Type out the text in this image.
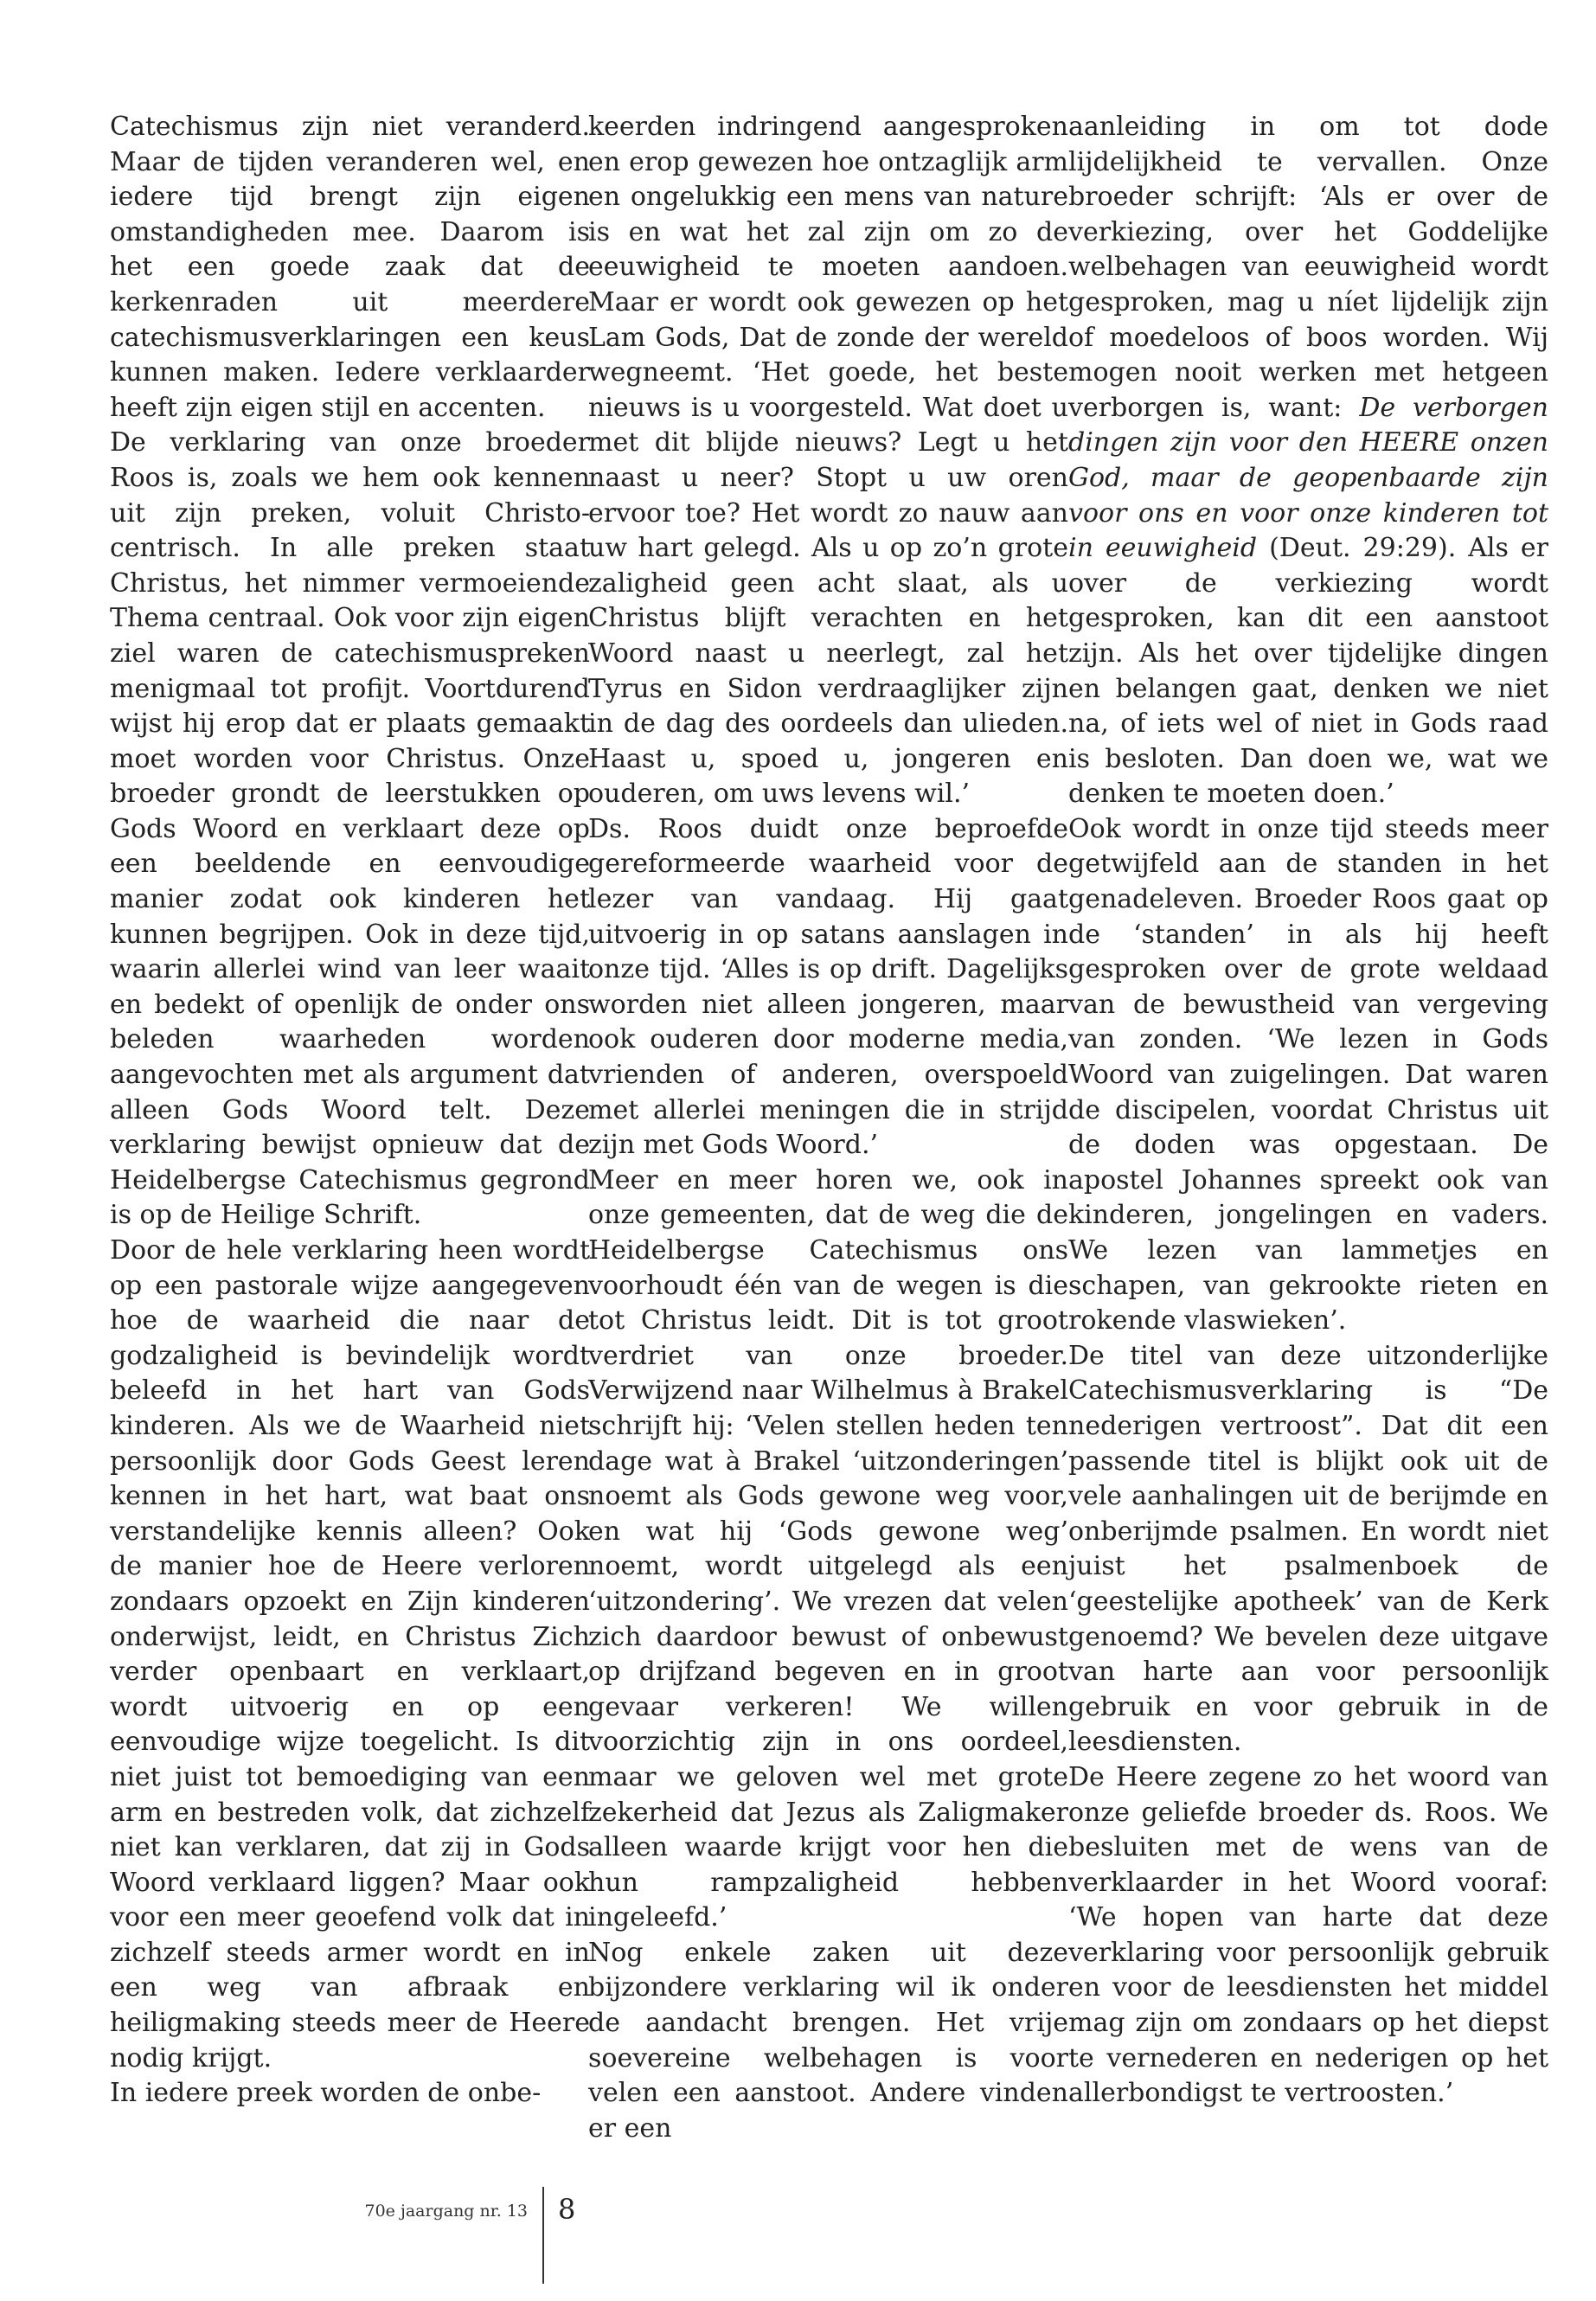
Catechismus zijn niet veranderd. Maar de tijden veranderen wel, en iedere tijd brengt zijn eigen omstandigheden mee. Daarom is het een goede zaak dat de kerkenraden uit meerdere catechismusverklaringen een keus kunnen maken. Iedere verklaarder heeft zijn eigen stijl en accenten.

De verklaring van onze broeder Roos is, zoals we hem ook kennen uit zijn preken, voluit Christo-centrisch. In alle preken staat Christus, het nimmer vermoeiende Thema centraal. Ook voor zijn eigen ziel waren de catechismuspreken menigmaal tot profijt. Voortdurend wijst hij erop dat er plaats gemaakt moet worden voor Christus. Onze broeder grondt de leerstukken op Gods Woord en verklaart deze op een beeldende en eenvoudige manier zodat ook kinderen het kunnen begrijpen. Ook in deze tijd, waarin allerlei wind van leer waait en bedekt of openlijk de onder ons beleden waarheden worden aangevochten met als argument dat alleen Gods Woord telt. Deze verklaring bewijst opnieuw dat de Heidelbergse Catechismus gegrond is op de Heilige Schrift.

Door de hele verklaring heen wordt op een pastorale wijze aangegeven hoe de waarheid die naar de godzaligheid is bevindelijk wordt beleefd in het hart van Gods kinderen. Als we de Waarheid niet persoonlijk door Gods Geest leren kennen in het hart, wat baat ons verstandelijke kennis alleen? Ook de manier hoe de Heere verloren zondaars opzoekt en Zijn kinderen onderwijst, leidt, en Christus Zich verder openbaart en verklaart, wordt uitvoerig en op een eenvoudige wijze toegelicht. Is dit niet juist tot bemoediging van een arm en bestreden volk, dat zichzelf niet kan verklaren, dat zij in Gods Woord verklaard liggen? Maar ook voor een meer geoefend volk dat in zichzelf steeds armer wordt en in een weg van afbraak en heiligmaking steeds meer de Heere nodig krijgt.

In iedere preek worden de onbe-

keerden indringend aangesproken en erop gewezen hoe ontzaglijk arm en ongelukkig een mens van nature is en wat het zal zijn om zo de eeuwigheid te moeten aandoen. Maar er wordt ook gewezen op het Lam Gods, Dat de zonde der wereld wegneemt. ‘Het goede, het beste nieuws is u voorgesteld. Wat doet u met dit blijde nieuws? Legt u het naast u neer? Stopt u uw oren ervoor toe? Het wordt zo nauw aan uw hart gelegd. Als u op zo’n grote zaligheid geen acht slaat, als u Christus blijft verachten en het Woord naast u neerlegt, zal het Tyrus en Sidon verdraaglijker zijn in de dag des oordeels dan ulieden. Haast u, spoed u, jongeren en ouderen, om uws levens wil.’

Ds. Roos duidt onze beproefde gereformeerde waarheid voor de lezer van vandaag. Hij gaat uitvoerig in op satans aanslagen in onze tijd. ‘Alles is op drift. Dagelijks worden niet alleen jongeren, maar ook ouderen door moderne media, vrienden of anderen, overspoeld met allerlei meningen die in strijd zijn met Gods Woord.’

Meer en meer horen we, ook in onze gemeenten, dat de weg die de Heidelbergse Catechismus ons voorhoudt één van de wegen is die tot Christus leidt. Dit is tot groot verdriet van onze broeder. Verwijzend naar Wilhelmus à Brakel schrijft hij: ‘Velen stellen heden ten dage wat à Brakel ‘uitzonderingen’ noemt als Gods gewone weg voor, en wat hij ‘Gods gewone weg’ noemt, wordt uitgelegd als een ‘uitzondering’. We vrezen dat velen zich daardoor bewust of onbewust op drijfzand begeven en in groot gevaar verkeren! We willen voorzichtig zijn in ons oordeel, maar we geloven wel met grote zekerheid dat Jezus als Zaligmaker alleen waarde krijgt voor hen die hun rampzaligheid hebben ingeleefd.’

Nog enkele zaken uit deze bijzondere verklaring wil ik onder de aandacht brengen. Het vrije soevereine welbehagen is voor velen een aanstoot. Andere vinden er een

aanleiding in om tot dode lijdelijkheid te vervallen. Onze broeder schrijft: ‘Als er over de verkiezing, over het Goddelijke welbehagen van eeuwigheid wordt gesproken, mag u níet lijdelijk zijn of moedeloos of boos worden. Wij mogen nooit werken met hetgeen verborgen is, want: De verborgen dingen zijn voor den HEERE onzen God, maar de geopenbaarde zijn voor ons en voor onze kinderen tot in eeuwigheid (Deut. 29:29). Als er over de verkiezing wordt gesproken, kan dit een aanstoot zijn. Als het over tijdelijke dingen en belangen gaat, denken we niet na, of iets wel of niet in Gods raad is besloten. Dan doen we, wat we denken te moeten doen.’

Ook wordt in onze tijd steeds meer getwijfeld aan de standen in het genadeleven. Broeder Roos gaat op de ‘standen’ in als hij heeft gesproken over de grote weldaad van de bewustheid van vergeving van zonden. ‘We lezen in Gods Woord van zuigelingen. Dat waren de discipelen, voordat Christus uit de doden was opgestaan. De apostel Johannes spreekt ook van kinderen, jongelingen en vaders. We lezen van lammetjes en schapen, van gekrookte rieten en rokende vlaswieken’.

De titel van deze uitzonderlijke Catechismusverklaring is “De nederigen vertroost”. Dat dit een passende titel is blijkt ook uit de vele aanhalingen uit de berijmde en onberijmde psalmen. En wordt niet juist het psalmenboek de ‘geestelijke apotheek’ van de Kerk genoemd? We bevelen deze uitgave van harte aan voor persoonlijk gebruik en voor gebruik in de leesdiensten.

De Heere zegene zo het woord van onze geliefde broeder ds. Roos. We besluiten met de wens van de verklaarder in het Woord vooraf: ‘We hopen van harte dat deze verklaring voor persoonlijk gebruik en voor de leesdiensten het middel mag zijn om zondaars op het diepst te vernederen en nederigen op het allerbondigst te vertroosten.’

70e jaargang nr. 13 8
